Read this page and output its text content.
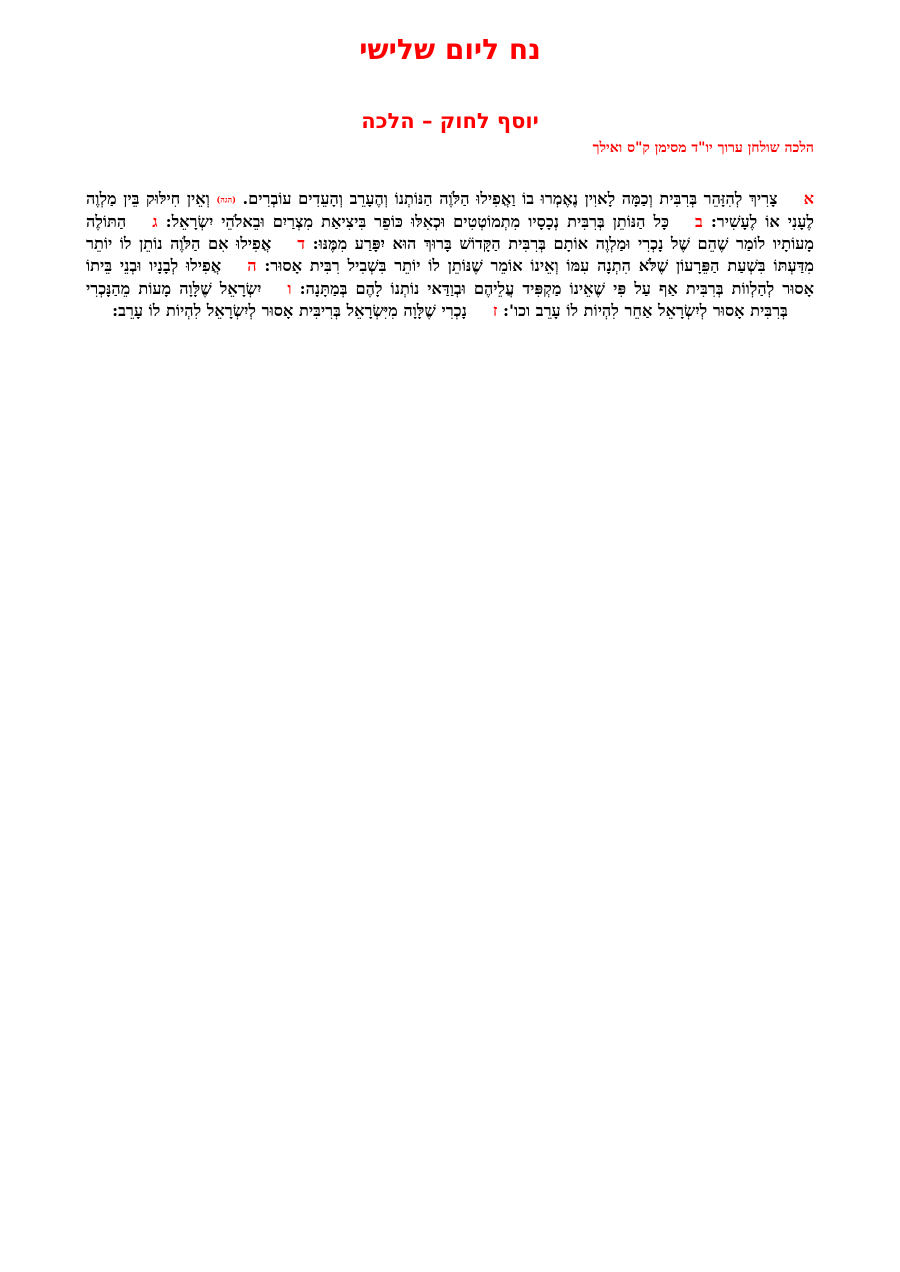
נח ליום שלישי
יוסף לחוק – הלכה
הלכה שולחן ערוך יו"ד מסימן ק"ס ואילך

אצָרִיךְ לְהִזָּהֵר בְּרִבִּית וְכַמָּה לָאוִין נֶאֶמְרוּ בוֹ וַאֲפִילוּ הַלֹּוֶה הַנּוֹתְנוֹ וְהֶעָרֵב וְהָעֵדִים עוֹבְרִים. (הגה) וְאֵין חִילּוּק בֵּין מַלְוֶה לֶעָנִי אוֹ לֶעָשִׁיר: בכָּל הַנּוֹתֵן בְּרִבִּית נְכָסָיו מִתְמוֹטְטִים וּכְאִלּוּ כּוֹפֵר בִּיצִיאַת מִצְרַיִם וּבֵאלֹהֵי יִשְׂרָאֵל: גהַתּוֹלֶה מָעוֹתָיו לוֹמַר שֶׁהֵם שֶׁל נָכְרִי וּמַלְוֶה אוֹתָם בְּרִבִּית הַקָּדוֹשׁ בָּרוּךְ הוּא יִפָּרַע מִמֶּנּוּ: דאֲפִילוּ אִם הַלֹּוֶה נוֹתֵן לוֹ יוֹתֵר מִדַּעְתּוֹ בִּשְׁעַת הַפֵּרָעוֹן שֶׁלֹּא הִתְנָה עִמּוֹ וְאֵינוֹ אוֹמֵר שֶׁנּוֹתֵן לוֹ יוֹתֵר בִּשְׁבִיל רִבִּית אָסוּר: האֲפִילוּ לְבָנָיו וּבְנֵי בֵּיתוֹ אָסוּר לְהַלְווֹת בְּרִבִּית אַף עַל פִּי שֶׁאֵינוֹ מַקְפִּיד עֲלֵיהֶם וּבְוַדַּאי נוֹתְנוֹ לָהֶם בְּמַתָּנָה: ויִשְׂרָאֵל שֶׁלָּוָה מָעוֹת מֵהַנָּכְרִי בְּרִבִּית אָסוּר לְיִשְׂרָאֵל אַחֵר לִהְיוֹת לוֹ עָרֵב וכו': זנָכְרִי שֶׁלָּוָה מִיִּשְׂרָאֵל בְּרִיבִּית אָסוּר לְיִשְׂרָאֵל לִהְיוֹת לוֹ עָרֵב:
